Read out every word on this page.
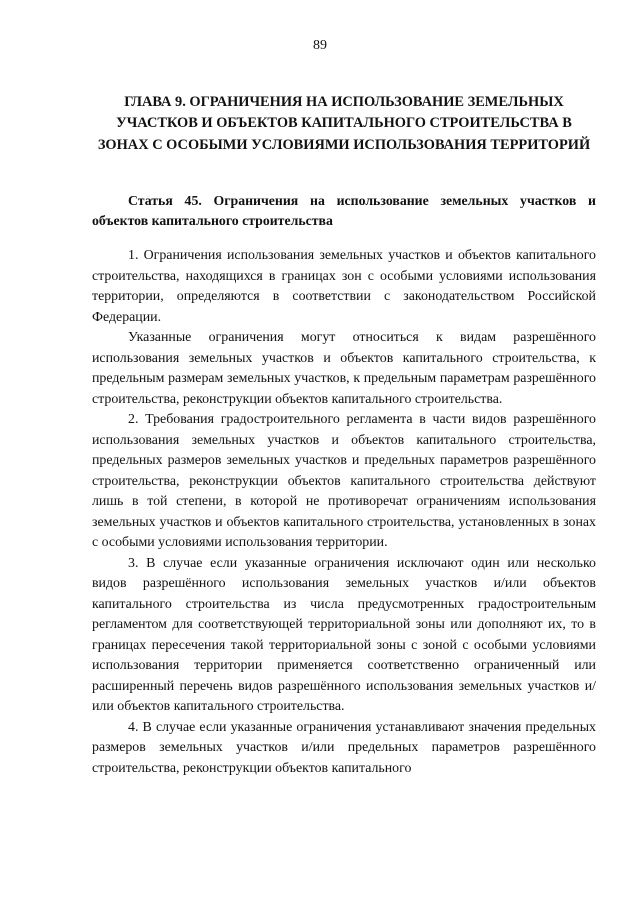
89
ГЛАВА 9. ОГРАНИЧЕНИЯ НА ИСПОЛЬЗОВАНИЕ ЗЕМЕЛЬНЫХ УЧАСТКОВ И ОБЪЕКТОВ КАПИТАЛЬНОГО СТРОИТЕЛЬСТВА В ЗОНАХ С ОСОБЫМИ УСЛОВИЯМИ ИСПОЛЬЗОВАНИЯ ТЕРРИТОРИЙ
Статья 45. Ограничения на использование земельных участков и объектов капитального строительства

1. Ограничения использования земельных участков и объектов капитального строительства, находящихся в границах зон с особыми условиями использования территории, определяются в соответствии с законодательством Российской Федерации.

Указанные ограничения могут относиться к видам разрешённого использования земельных участков и объектов капитального строительства, к предельным размерам земельных участков, к предельным параметрам разрешённого строительства, реконструкции объектов капитального строительства.

2. Требования градостроительного регламента в части видов разрешённого использования земельных участков и объектов капитального строительства, предельных размеров земельных участков и предельных параметров разрешённого строительства, реконструкции объектов капитального строительства действуют лишь в той степени, в которой не противоречат ограничениям использования земельных участков и объектов капитального строительства, установленных в зонах с особыми условиями использования территории.

3. В случае если указанные ограничения исключают один или несколько видов разрешённого использования земельных участков и/или объектов капитального строительства из числа предусмотренных градостроительным регламентом для соответствующей территориальной зоны или дополняют их, то в границах пересечения такой территориальной зоны с зоной с особыми условиями использования территории применяется соответственно ограниченный или расширенный перечень видов разрешённого использования земельных участков и/или объектов капитального строительства.

4. В случае если указанные ограничения устанавливают значения предельных размеров земельных участков и/или предельных параметров разрешённого строительства, реконструкции объектов капитального
